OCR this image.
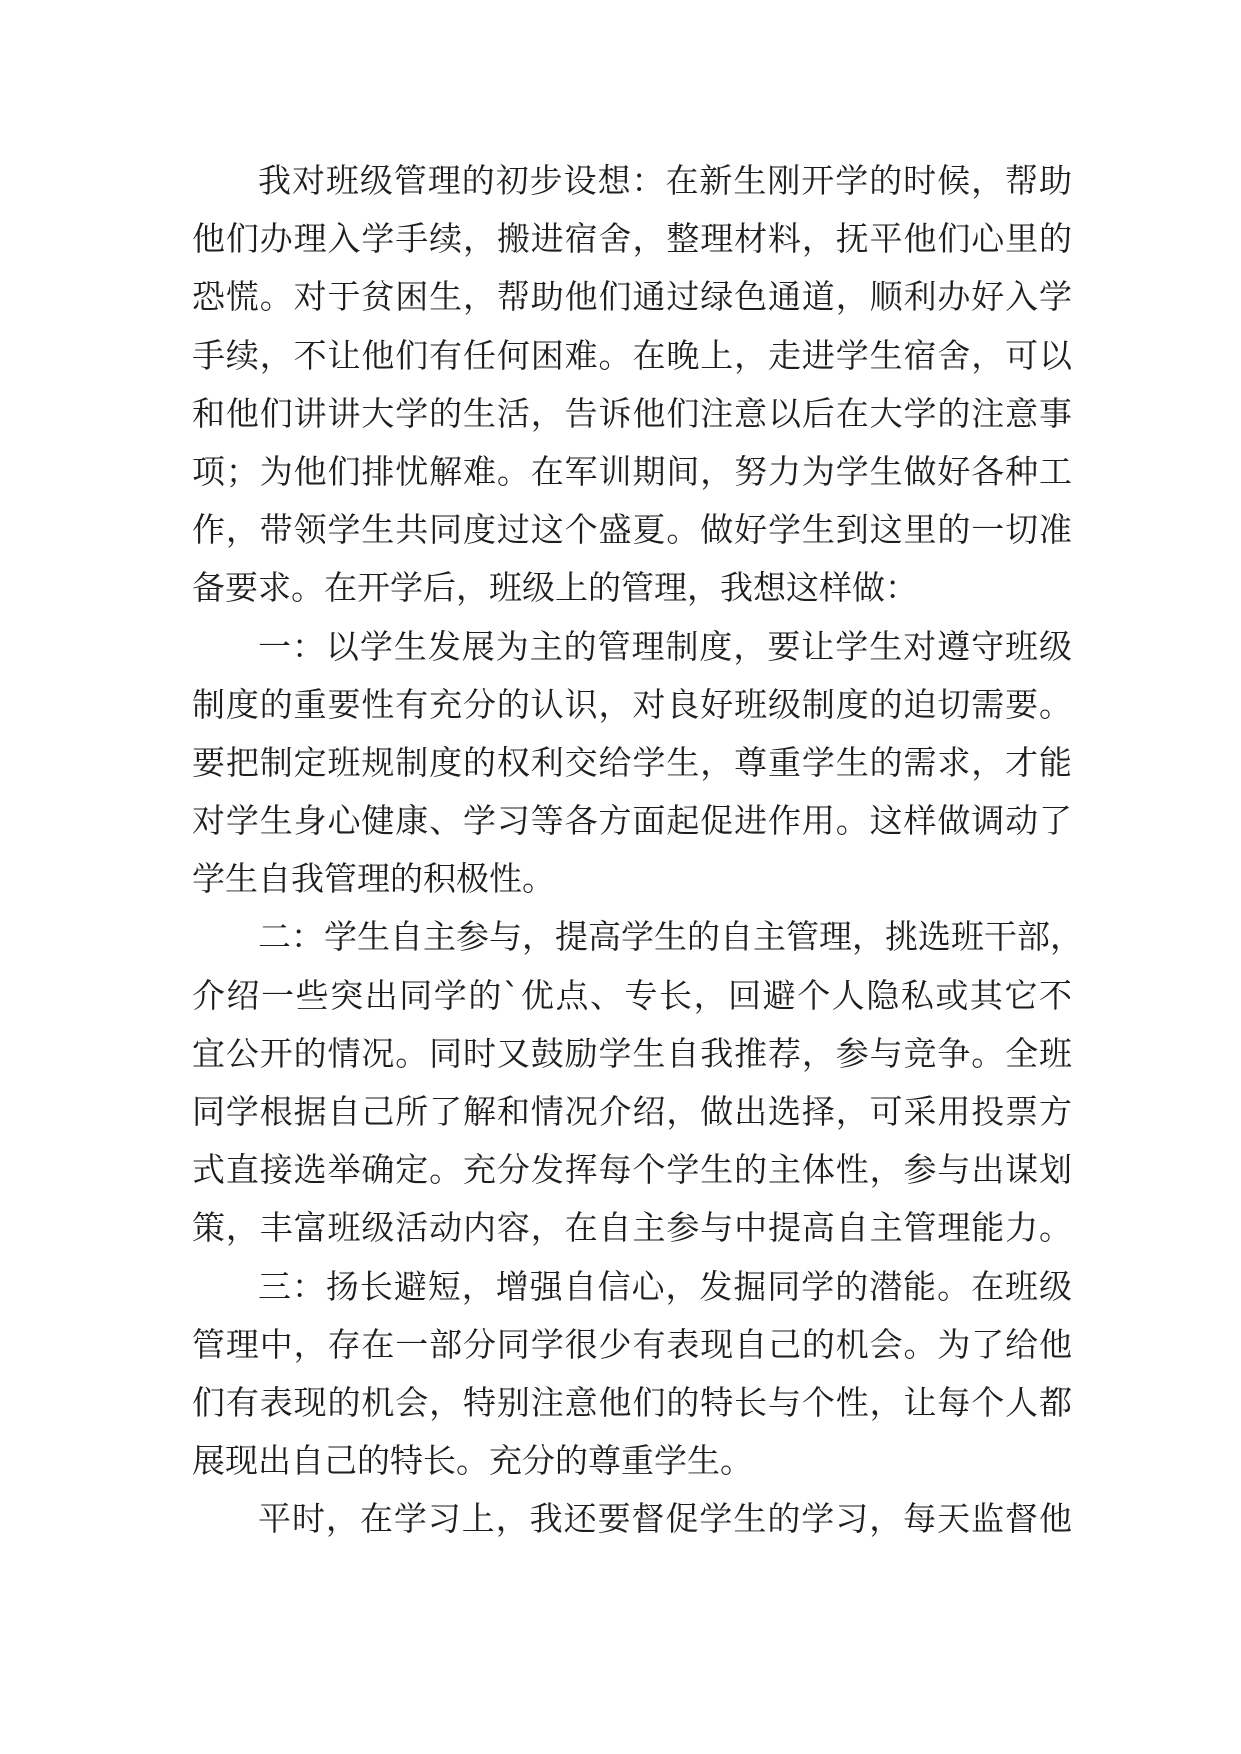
我对班级管理的初步设想：在新生刚开学的时候，帮助
他们办理入学手续，搬进宿舍，整理材料，抚平他们心里的
恐慌。对于贫困生，帮助他们通过绿色通道，顺利办好入学
手续，不让他们有任何困难。在晚上，走进学生宿舍，可以
和他们讲讲大学的生活，告诉他们注意以后在大学的注意事
项；为他们排忧解难。在军训期间，努力为学生做好各种工
作，带领学生共同度过这个盛夏。做好学生到这里的一切准
备要求。在开学后，班级上的管理，我想这样做：
一：以学生发展为主的管理制度，要让学生对遵守班级
制度的重要性有充分的认识，对良好班级制度的迫切需要。
要把制定班规制度的权利交给学生，尊重学生的需求，才能
对学生身心健康、学习等各方面起促进作用。这样做调动了
学生自我管理的积极性。
二：学生自主参与，提高学生的自主管理，挑选班干部，
介绍一些突出同学的`优点、专长，回避个人隐私或其它不
宜公开的情况。同时又鼓励学生自我推荐，参与竞争。全班
同学根据自己所了解和情况介绍，做出选择，可采用投票方
式直接选举确定。充分发挥每个学生的主体性，参与出谋划
策，丰富班级活动内容，在自主参与中提高自主管理能力。
三：扬长避短，增强自信心，发掘同学的潜能。在班级
管理中，存在一部分同学很少有表现自己的机会。为了给他
们有表现的机会，特别注意他们的特长与个性，让每个人都
展现出自己的特长。充分的尊重学生。
平时，在学习上，我还要督促学生的学习，每天监督他
